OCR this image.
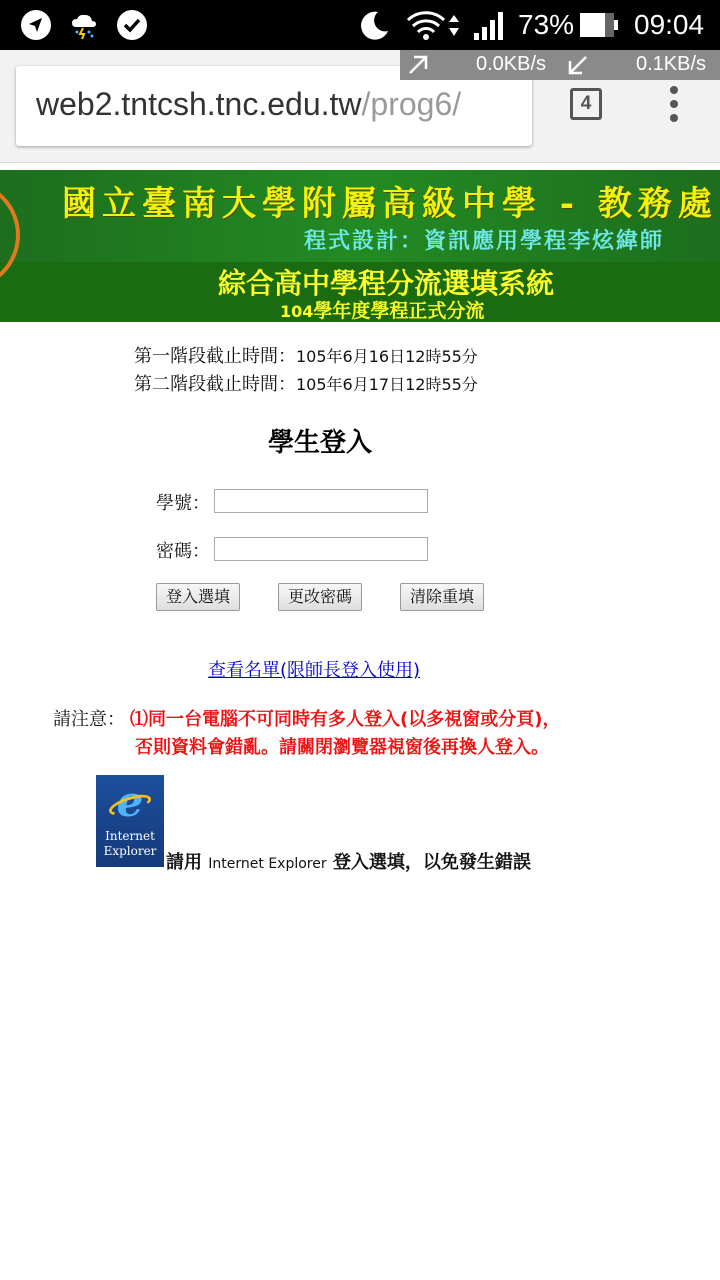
73% 09:04
web2.tntcsh.tnc.edu.tw/prog6/
0.0KB/s	0.1KB/s
4
國立臺南大學附屬高級中學 - 教務處
程式設計：資訊應用學程李炫緯師
綜合高中學程分流選填系統
104學年度學程正式分流
第一階段截止時間：105年6月16日12時55分
第二階段截止時間：105年6月17日12時55分
學生登入
學號：
密碼：
登入選填	更改密碼	清除重填
查看名單(限師長登入使用)
請注意： ⑴同一台電腦不可同時有多人登入(以多視窗或分頁)，
否則資料會錯亂。請關閉瀏覽器視窗後再換人登入。
e
Internet
Explorer
請用 Internet Explorer 登入選填，以免發生錯誤
